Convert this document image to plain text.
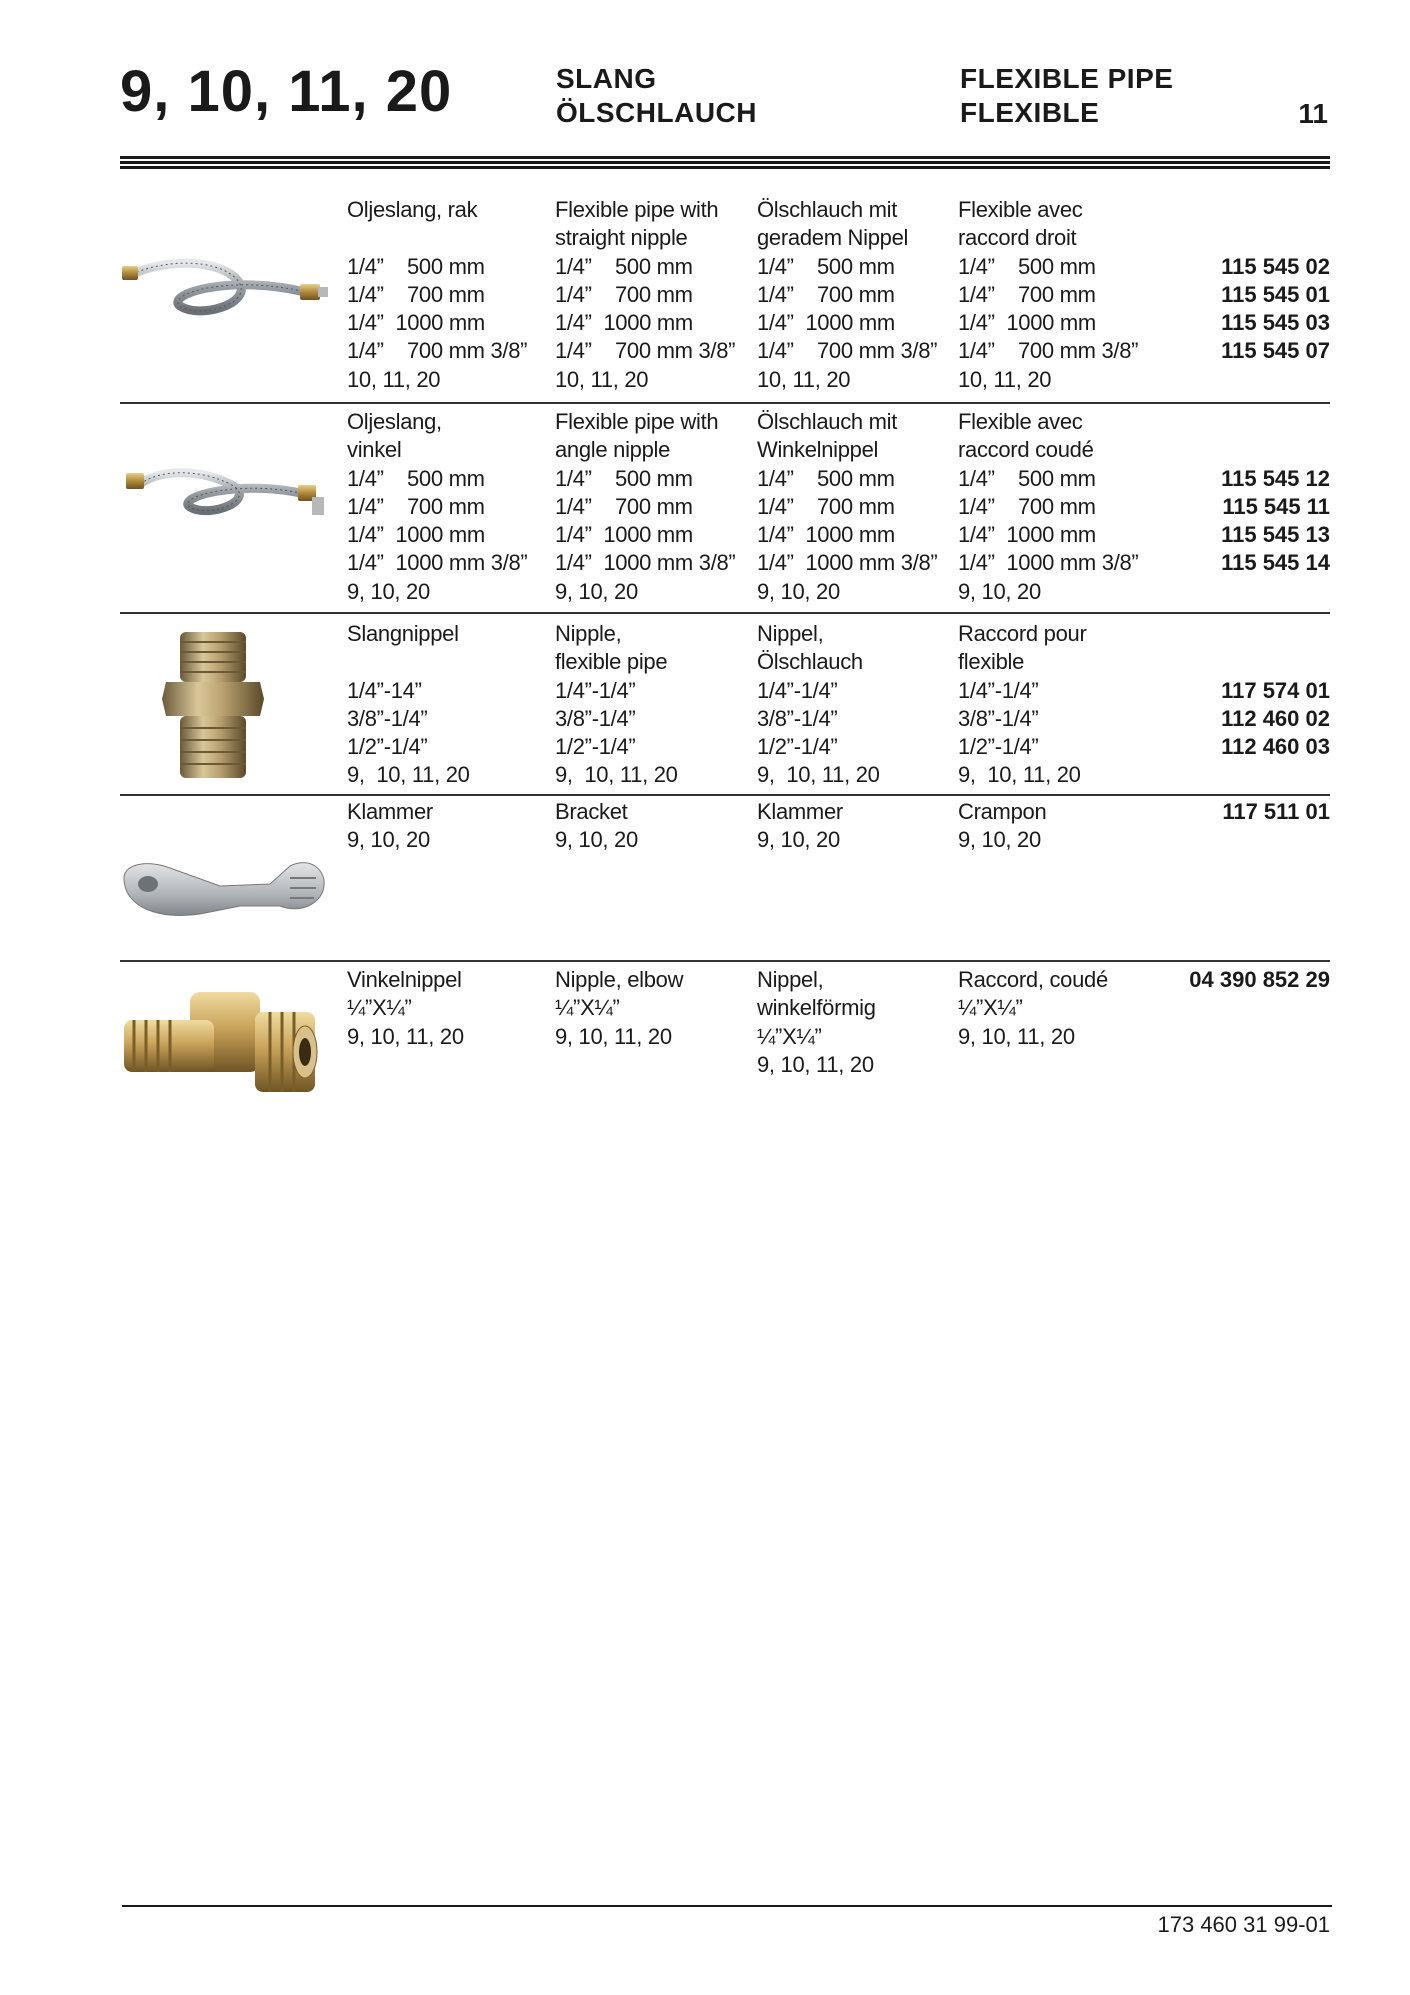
9, 10, 11, 20	SLANG
ÖLSCHLAUCH
FLEXIBLE PIPE
FLEXIBLE	11
Oljeslang, rak

1/4”    500 mm
1/4”    700 mm
1/4”  1000 mm
1/4”    700 mm 3/8”
10, 11, 20
Flexible pipe with
straight nipple
1/4”    500 mm
1/4”    700 mm
1/4”  1000 mm
1/4”    700 mm 3/8”
10, 11, 20
Ölschlauch mit
geradem Nippel
1/4”    500 mm
1/4”    700 mm
1/4”  1000 mm
1/4”    700 mm 3/8”
10, 11, 20
Flexible avec
raccord droit
1/4”    500 mm
1/4”    700 mm
1/4”  1000 mm
1/4”    700 mm 3/8”
10, 11, 20

115 545 02
115 545 01
115 545 03
115 545 07

Oljeslang,
vinkel
1/4”    500 mm
1/4”    700 mm
1/4”  1000 mm
1/4”  1000 mm 3/8”
9, 10, 20
Flexible pipe with
angle nipple
1/4”    500 mm
1/4”    700 mm
1/4”  1000 mm
1/4”  1000 mm 3/8”
9, 10, 20
Ölschlauch mit
Winkelnippel
1/4”    500 mm
1/4”    700 mm
1/4”  1000 mm
1/4”  1000 mm 3/8”
9, 10, 20
Flexible avec
raccord coudé
1/4”    500 mm
1/4”    700 mm
1/4”  1000 mm
1/4”  1000 mm 3/8”
9, 10, 20

115 545 12
115 545 11
115 545 13
115 545 14

Slangnippel

1/4”-14”
3/8”-1/4”
1/2”-1/4”
9,  10, 11, 20
Nipple,
flexible pipe
1/4”-1/4”
3/8”-1/4”
1/2”-1/4”
9,  10, 11, 20
Nippel,
Ölschlauch
1/4”-1/4”
3/8”-1/4”
1/2”-1/4”
9,  10, 11, 20
Raccord pour
flexible
1/4”-1/4”
3/8”-1/4”
1/2”-1/4”
9,  10, 11, 20

117 574 01
112 460 02
112 460 03

Klammer
9, 10, 20
Bracket
9, 10, 20
Klammer
9, 10, 20
Crampon
9, 10, 20
117 511 01
Vinkelnippel
¼”X¼”
9, 10, 11, 20
Nipple, elbow
¼”X¼”
9, 10, 11, 20
Nippel,
winkelförmig
¼”X¼”
9, 10, 11, 20
Raccord, coudé
¼”X¼”
9, 10, 11, 20
04 390 852 29
173 460 31 99-01
